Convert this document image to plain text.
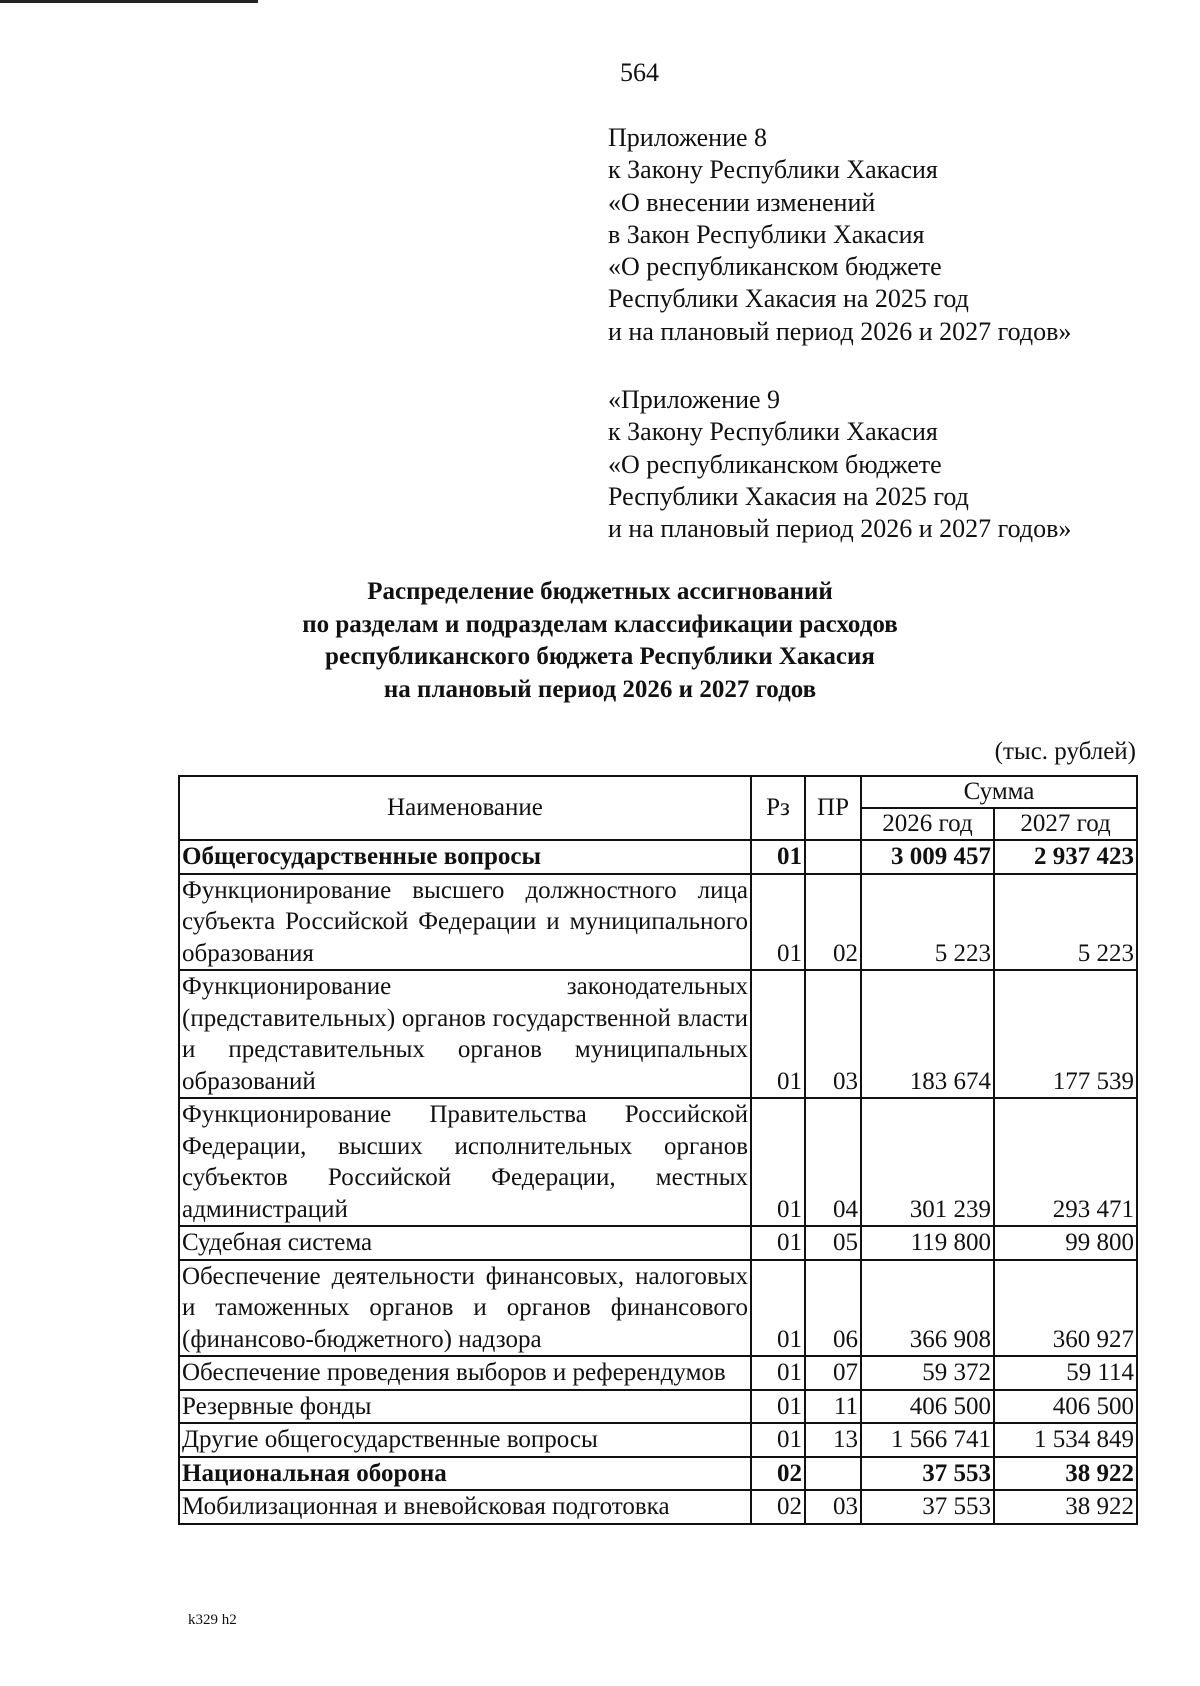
564
Приложение 8
к Закону Республики Хакасия
«О внесении изменений
в Закон Республики Хакасия
«О республиканском бюджете
Республики Хакасия на 2025 год
и на плановый период 2026 и 2027 годов»
«Приложение 9
к Закону Республики Хакасия
«О республиканском бюджете
Республики Хакасия на 2025 год
и на плановый период 2026 и 2027 годов»
Распределение бюджетных ассигнований
по разделам и подразделам классификации расходов
республиканского бюджета Республики Хакасия
на плановый период 2026 и 2027 годов
(тыс. рублей)
Наименование	Рз	ПР	Сумма	
			2026 год	2027 год
Общегосударственные вопросы	01		3 009 457	2 937 423
Функционирование высшего должностного лица субъекта Российской Федерации и муниципального образования	01	02	5 223	5 223
Функционирование законодательных (представительных) органов государственной власти и представительных органов муниципальных образований	01	03	183 674	177 539
Функционирование Правительства Российской Федерации, высших исполнительных органов субъектов Российской Федерации, местных администраций	01	04	301 239	293 471
Судебная система	01	05	119 800	99 800
Обеспечение деятельности финансовых, налоговых и таможенных органов и органов финансового (финансово-бюджетного) надзора	01	06	366 908	360 927
Обеспечение проведения выборов и референдумов	01	07	59 372	59 114
Резервные фонды	01	11	406 500	406 500
Другие общегосударственные вопросы	01	13	1 566 741	1 534 849
Национальная оборона	02		37 553	38 922
Мобилизационная и вневойсковая подготовка	02	03	37 553	38 922
k329 h2
